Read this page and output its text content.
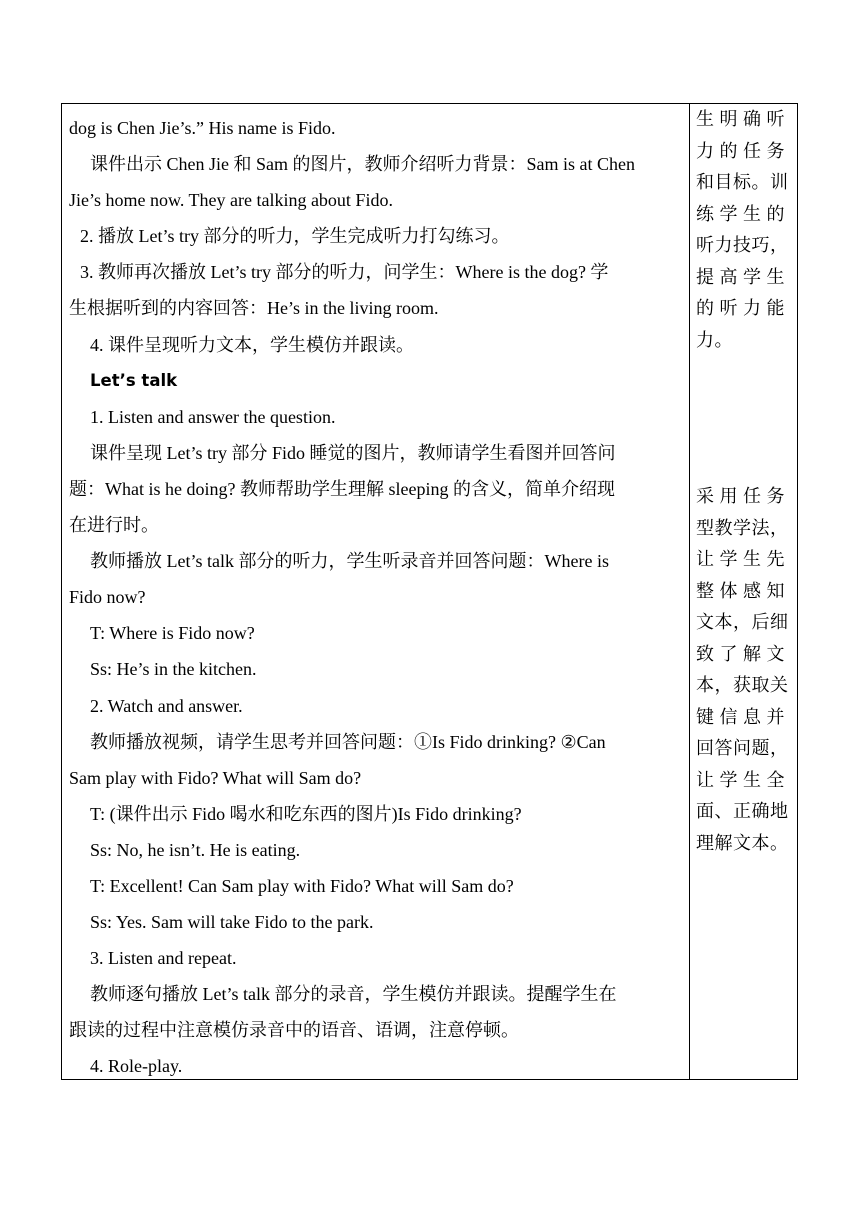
dog is Chen Jie’s.” His name is Fido.
课件出示 Chen Jie 和 Sam 的图片，教师介绍听力背景：Sam is at Chen
Jie’s home now. They are talking about Fido.
2. 播放 Let’s try 部分的听力，学生完成听力打勾练习。
3. 教师再次播放 Let’s try 部分的听力，问学生：Where is the dog? 学
生根据听到的内容回答：He’s in the living room.
4. 课件呈现听力文本，学生模仿并跟读。
Let’s talk
1. Listen and answer the question.
课件呈现 Let’s try 部分 Fido 睡觉的图片，教师请学生看图并回答问
题：What is he doing? 教师帮助学生理解 sleeping 的含义，简单介绍现
在进行时。
教师播放 Let’s talk 部分的听力，学生听录音并回答问题：Where is
Fido now?
T: Where is Fido now?
Ss: He’s in the kitchen.
2. Watch and answer.
教师播放视频，请学生思考并回答问题：①Is Fido drinking? ②Can
Sam play with Fido? What will Sam do?
T: (课件出示 Fido 喝水和吃东西的图片)Is Fido drinking?
Ss: No, he isn’t. He is eating.
T: Excellent! Can Sam play with Fido? What will Sam do?
Ss: Yes. Sam will take Fido to the park.
3. Listen and repeat.
教师逐句播放 Let’s talk 部分的录音，学生模仿并跟读。提醒学生在
跟读的过程中注意模仿录音中的语音、语调，注意停顿。
4. Role-play.
生 明 确 听
力 的 任 务
和目标。训
练 学 生 的
听力技巧，
提 高 学 生
的 听 力 能
力。
采 用 任 务
型教学法，
让 学 生 先
整 体 感 知
文本，后细
致 了 解 文
本，获取关
键 信 息 并
回答问题，
让 学 生 全
面、正确地
理解文本。
